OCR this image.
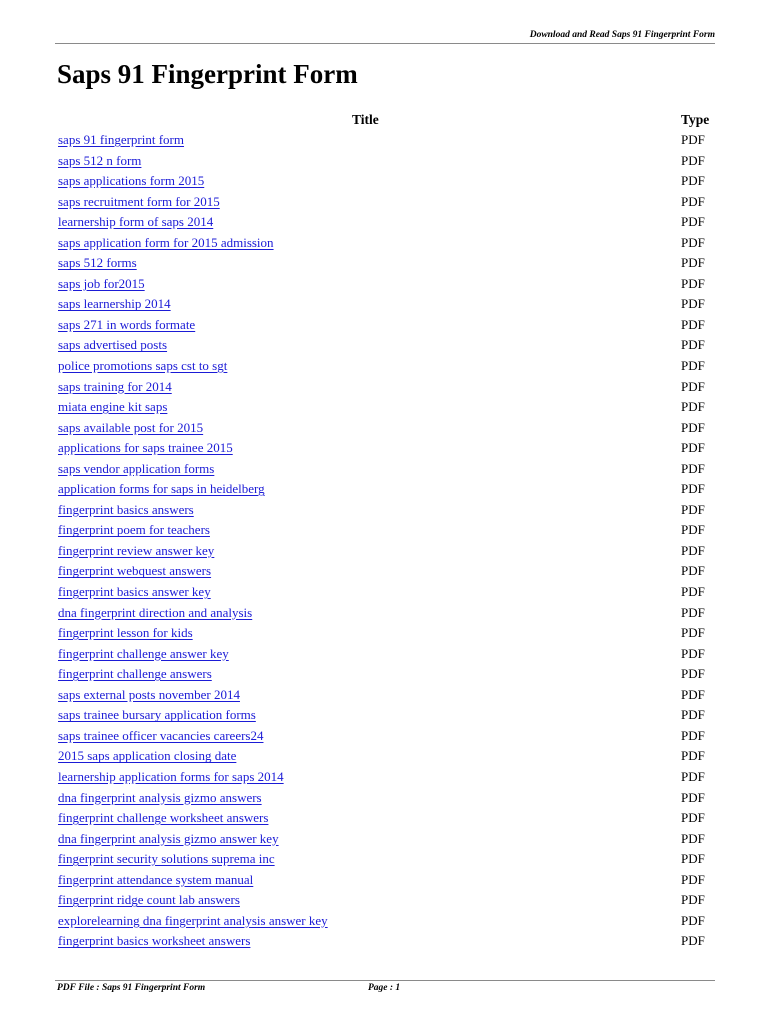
Download and Read Saps 91 Fingerprint Form
Saps 91 Fingerprint Form
Title	Type
saps 91 fingerprint form	PDF
saps 512 n form	PDF
saps applications form 2015	PDF
saps recruitment form for 2015	PDF
learnership form of saps 2014	PDF
saps application form for 2015 admission	PDF
saps 512 forms	PDF
saps job for2015	PDF
saps learnership 2014	PDF
saps 271 in words formate	PDF
saps advertised posts	PDF
police promotions saps cst to sgt	PDF
saps training for 2014	PDF
miata engine kit saps	PDF
saps available post for 2015	PDF
applications for saps trainee 2015	PDF
saps vendor application forms	PDF
application forms for saps in heidelberg	PDF
fingerprint basics answers	PDF
fingerprint poem for teachers	PDF
fingerprint review answer key	PDF
fingerprint webquest answers	PDF
fingerprint basics answer key	PDF
dna fingerprint direction and analysis	PDF
fingerprint lesson for kids	PDF
fingerprint challenge answer key	PDF
fingerprint challenge answers	PDF
saps external posts november 2014	PDF
saps trainee bursary application forms	PDF
saps trainee officer vacancies careers24	PDF
2015 saps application closing date	PDF
learnership application forms for saps 2014	PDF
dna fingerprint analysis gizmo answers	PDF
fingerprint challenge worksheet answers	PDF
dna fingerprint analysis gizmo answer key	PDF
fingerprint security solutions suprema inc	PDF
fingerprint attendance system manual	PDF
fingerprint ridge count lab answers	PDF
explorelearning dna fingerprint analysis answer key	PDF
fingerprint basics worksheet answers	PDF
PDF File : Saps 91 Fingerprint Form	Page : 1
